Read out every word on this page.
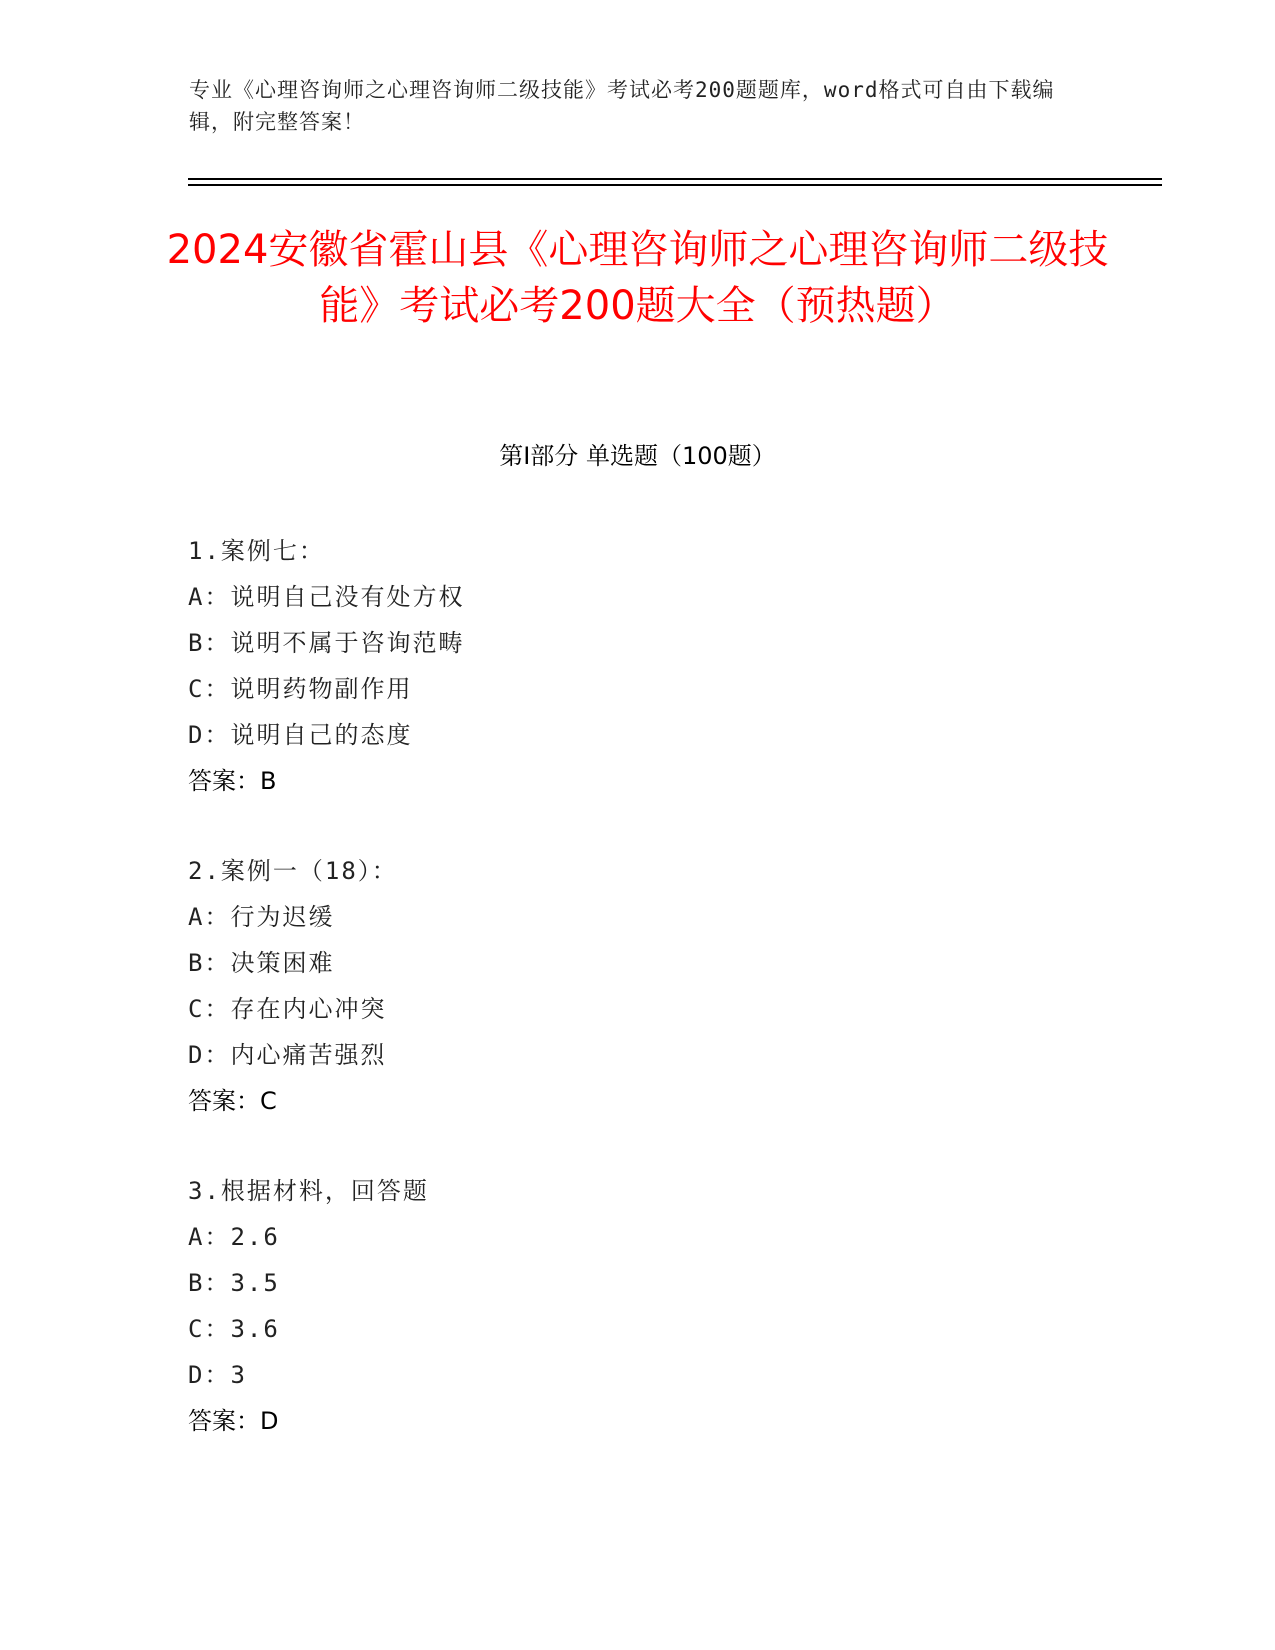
专业《心理咨询师之心理咨询师二级技能》考试必考200题题库，word格式可自由下载编辑，附完整答案！
2024安徽省霍山县《心理咨询师之心理咨询师二级技能》考试必考200题大全（预热题）
第Ⅰ部分 单选题（100题）
1.案例七：
A：说明自己没有处方权
B：说明不属于咨询范畴
C：说明药物副作用
D：说明自己的态度
答案：B
2.案例一（18）：
A：行为迟缓
B：决策困难
C：存在内心冲突
D：内心痛苦强烈
答案：C
3.根据材料，回答题
A：2.6
B：3.5
C：3.6
D：3
答案：D
